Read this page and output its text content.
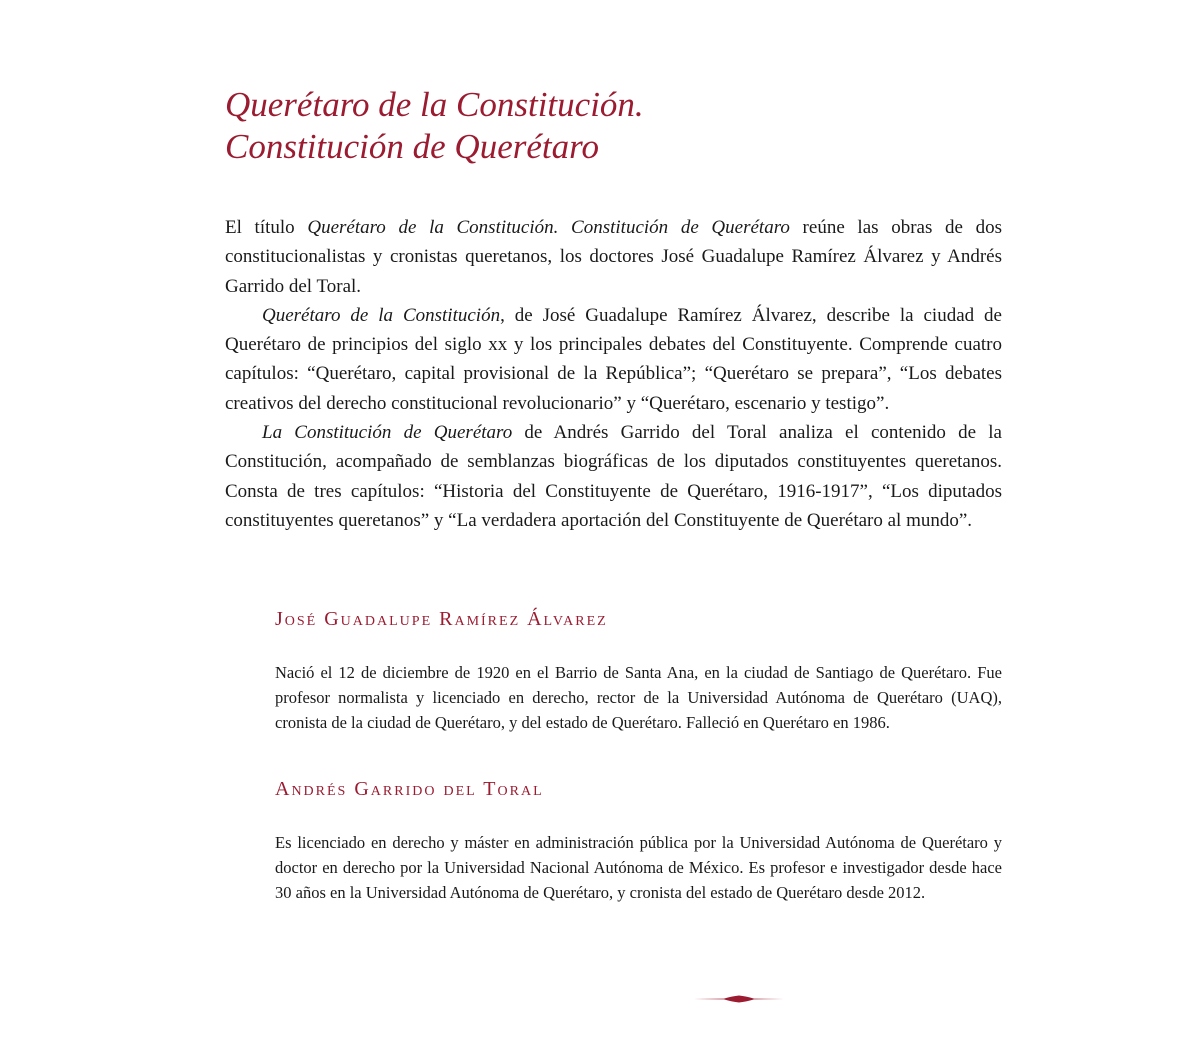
Querétaro de la Constitución.
Constitución de Querétaro

El título Querétaro de la Constitución. Constitución de Querétaro reúne las obras de dos constitucionalistas y cronistas queretanos, los doctores José Guadalupe Ramírez Álvarez y Andrés Garrido del Toral.

Querétaro de la Constitución, de José Guadalupe Ramírez Álvarez, describe la ciudad de Querétaro de principios del siglo xx y los principales debates del Constituyente. Comprende cuatro capítulos: “Querétaro, capital provisional de la República”; “Querétaro se prepara”, “Los debates creativos del derecho constitucional revolucionario” y “Querétaro, escenario y testigo”.

La Constitución de Querétaro de Andrés Garrido del Toral analiza el contenido de la Constitución, acompañado de semblanzas biográficas de los diputados constituyentes queretanos. Consta de tres capítulos: “Historia del Constituyente de Querétaro, 1916-1917”, “Los diputados constituyentes queretanos” y “La verdadera aportación del Constituyente de Querétaro al mundo”.

José Guadalupe Ramírez Álvarez

Nació el 12 de diciembre de 1920 en el Barrio de Santa Ana, en la ciudad de Santiago de Querétaro. Fue profesor normalista y licenciado en derecho, rector de la Universidad Autónoma de Querétaro (UAQ), cronista de la ciudad de Querétaro, y del estado de Querétaro. Falleció en Querétaro en 1986.

Andrés Garrido del Toral

Es licenciado en derecho y máster en administración pública por la Universidad Autónoma de Querétaro y doctor en derecho por la Universidad Nacional Autónoma de México. Es profesor e investigador desde hace 30 años en la Universidad Autónoma de Querétaro, y cronista del estado de Querétaro desde 2012.
